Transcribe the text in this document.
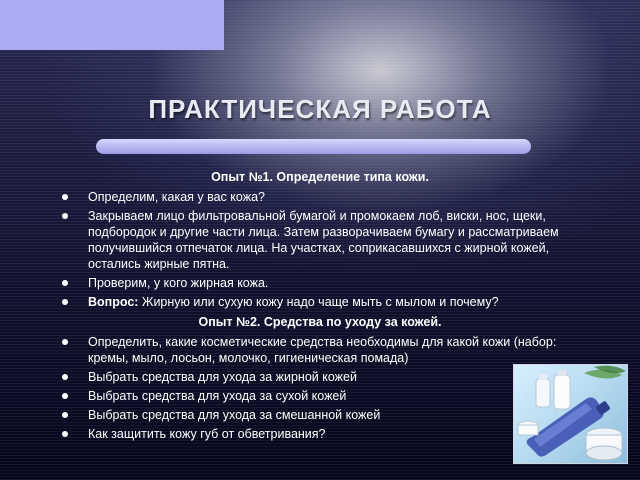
ПРАКТИЧЕСКАЯ РАБОТА
Опыт №1. Определение типа кожи.
Определим, какая у вас кожа?
Закрываем лицо фильтровальной бумагой и промокаем лоб, виски, нос, щеки, подбородок и другие части лица. Затем разворачиваем бумагу и рассматриваем получившийся отпечаток лица. На участках, соприкасавшихся с жирной кожей, остались жирные пятна.
Проверим, у кого жирная кожа.
Вопрос: Жирную или сухую кожу надо чаще мыть с мылом и почему?
Опыт №2. Средства по уходу за кожей.
Определить, какие косметические средства необходимы для какой кожи (набор: кремы, мыло, лосьон, молочко, гигиеническая помада)
Выбрать средства для ухода за жирной кожей
Выбрать средства для ухода за сухой кожей
Выбрать средства для ухода за смешанной кожей
Как защитить кожу губ от обветривания?
